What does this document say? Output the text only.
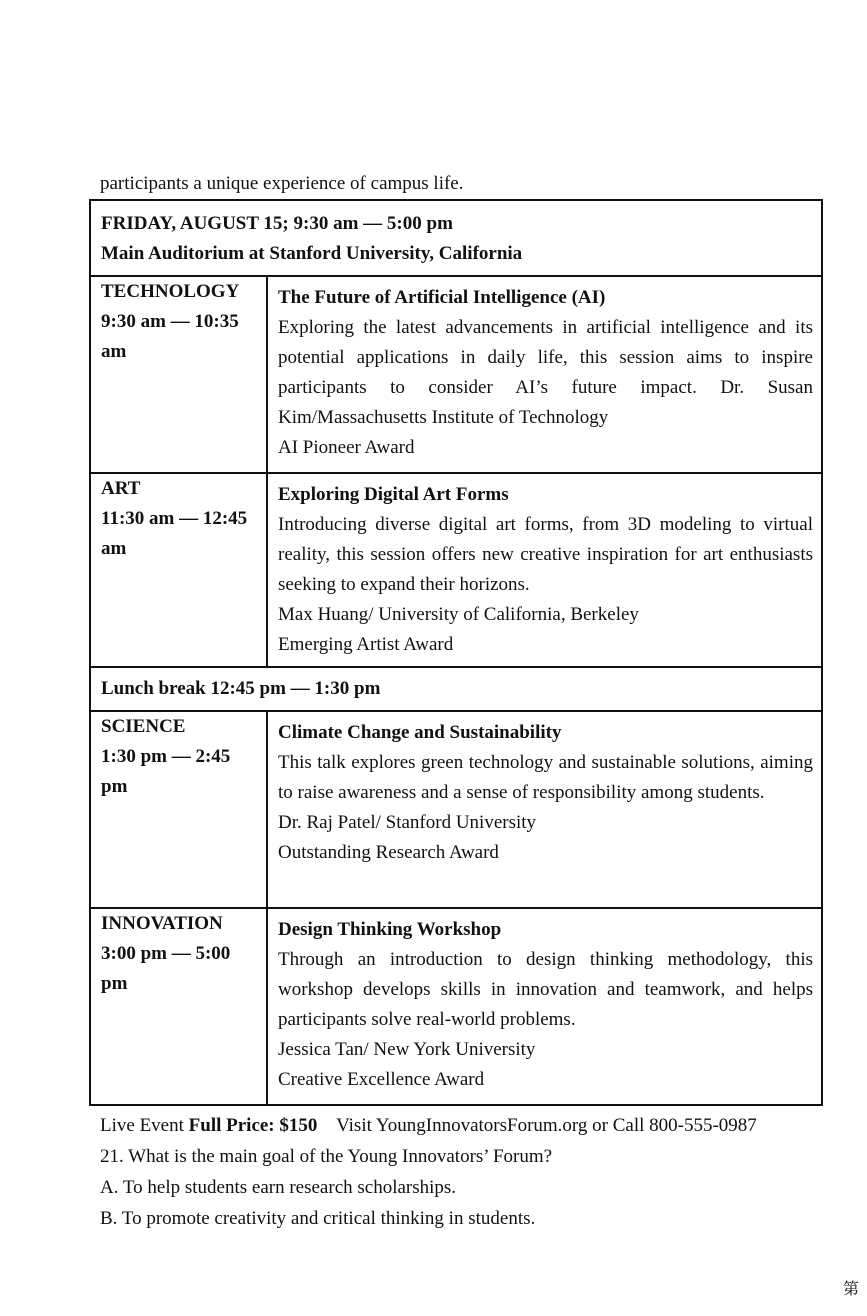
participants a unique experience of campus life.
FRIDAY, AUGUST 15; 9:30 am — 5:00 pm
Main Auditorium at Stanford University, California	

TECHNOLOGY
9:30 am — 10:35 am	The Future of Artificial Intelligence (AI)
Exploring the latest advancements in artificial intelligence and its potential applications in daily life, this session aims to inspire participants to consider AI’s future impact. Dr. Susan Kim/Massachusetts Institute of Technology
AI Pioneer Award

ART
11:30 am — 12:45 am	Exploring Digital Art Forms
Introducing diverse digital art forms, from 3D modeling to virtual reality, this session offers new creative inspiration for art enthusiasts seeking to expand their horizons.
Max Huang/ University of California, Berkeley
Emerging Artist Award

Lunch break 12:45 pm — 1:30 pm	

SCIENCE
1:30 pm — 2:45 pm	Climate Change and Sustainability
This talk explores green technology and sustainable solutions, aiming to raise awareness and a sense of responsibility among students.
Dr. Raj Patel/ Stanford University
Outstanding Research Award

INNOVATION
3:00 pm — 5:00 pm	Design Thinking Workshop
Through an introduction to design thinking methodology, this workshop develops skills in innovation and teamwork, and helps participants solve real-world problems.
Jessica Tan/ New York University
Creative Excellence Award
Live Event Full Price: $150 Visit YoungInnovatorsForum.org or Call 800-555-0987
21. What is the main goal of the Young Innovators’ Forum?
A. To help students earn research scholarships.
B. To promote creativity and critical thinking in students.
第
